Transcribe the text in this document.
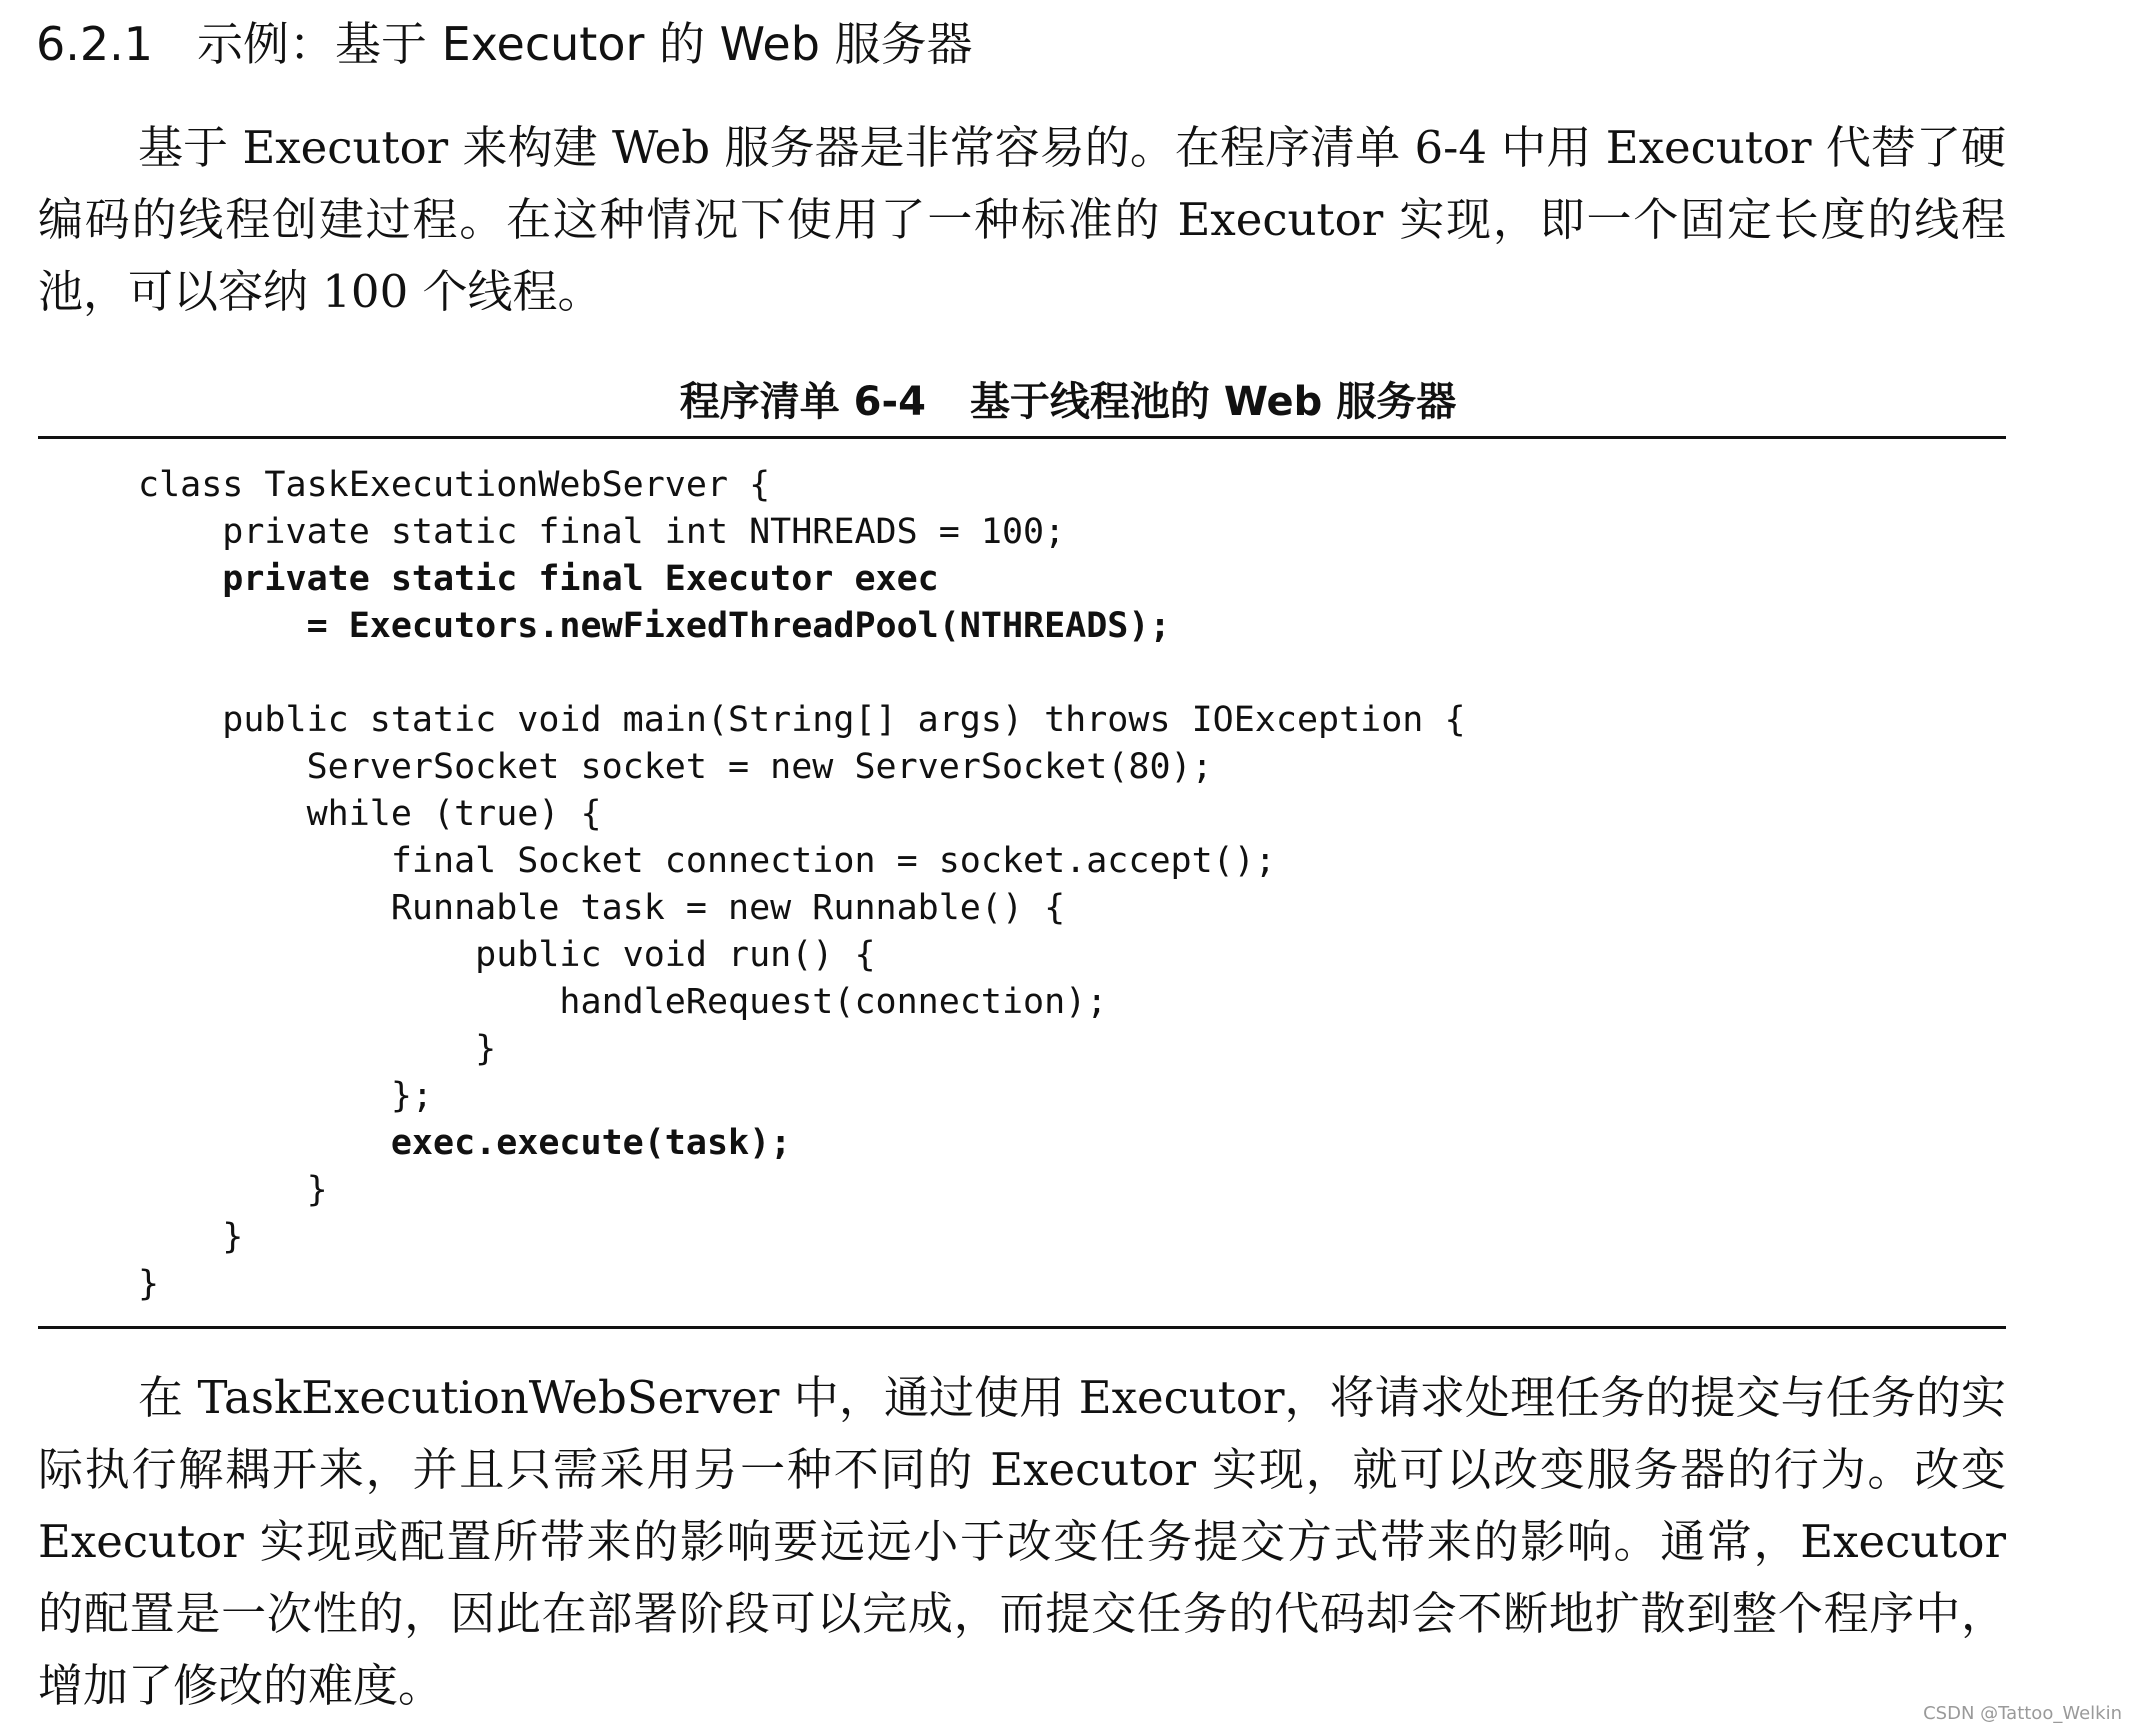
6.2.1 示例：基于 Executor 的 Web 服务器

基于 Executor 来构建 Web 服务器是非常容易的。在程序清单 6-4 中用 Executor 代替了硬编码的线程创建过程。在这种情况下使用了一种标准的 Executor 实现，即一个固定长度的线程池，可以容纳 100 个线程。

程序清单 6-4 基于线程池的 Web 服务器
class TaskExecutionWebServer {
private static final int NTHREADS = 100;
private static final Executor exec
= Executors.newFixedThreadPool(NTHREADS);
public static void main(String[] args) throws IOException {
ServerSocket socket = new ServerSocket(80);
while (true) {
final Socket connection = socket.accept();
Runnable task = new Runnable() {
public void run() {
handleRequest(connection);
}
};
exec.execute(task);
}
}
}

在 TaskExecutionWebServer 中，通过使用 Executor，将请求处理任务的提交与任务的实际执行解耦开来，并且只需采用另一种不同的 Executor 实现，就可以改变服务器的行为。改变 Executor 实现或配置所带来的影响要远远小于改变任务提交方式带来的影响。通常，Executor 的配置是一次性的，因此在部署阶段可以完成，而提交任务的代码却会不断地扩散到整个程序中，增加了修改的难度。

CSDN @Tattoo_Welkin
